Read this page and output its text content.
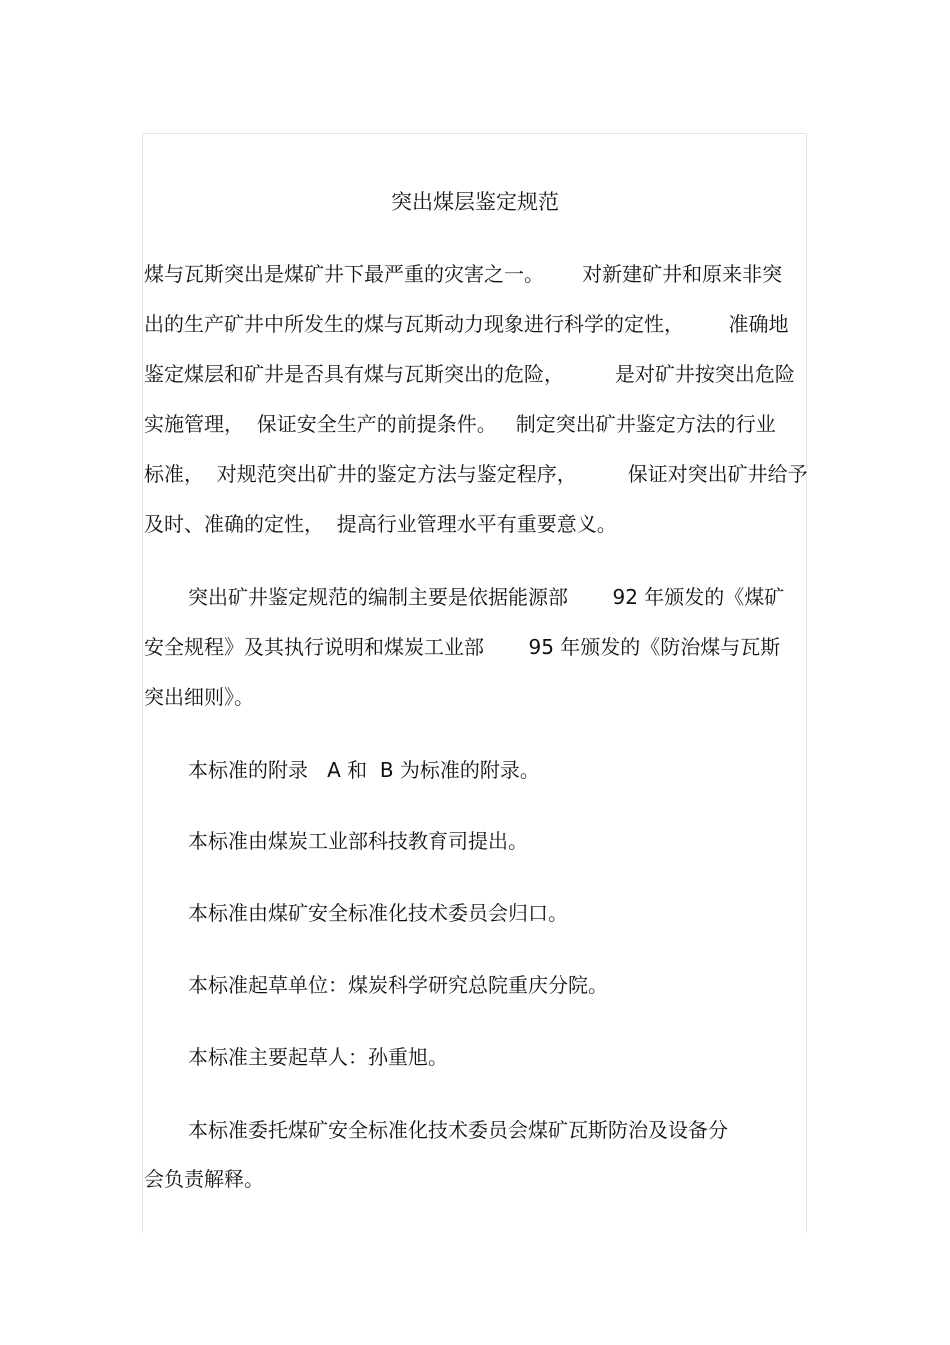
突出煤层鉴定规范
煤与瓦斯突出是煤矿井下最严重的灾害之一。      对新建矿井和原来非突
出的生产矿井中所发生的煤与瓦斯动力现象进行科学的定性，       准确地
鉴定煤层和矿井是否具有煤与瓦斯突出的危险，        是对矿井按突出危险
实施管理，  保证安全生产的前提条件。   制定突出矿井鉴定方法的行业
标准，  对规范突出矿井的鉴定方法与鉴定程序，        保证对突出矿井给予
及时、准确的定性，  提高行业管理水平有重要意义。
突出矿井鉴定规范的编制主要是依据能源部       92 年颁发的《煤矿
安全规程》及其执行说明和煤炭工业部       95 年颁发的《防治煤与瓦斯
突出细则》。
本标准的附录   A 和  B 为标准的附录。
本标准由煤炭工业部科技教育司提出。
本标准由煤矿安全标准化技术委员会归口。
本标准起草单位：煤炭科学研究总院重庆分院。
本标准主要起草人：孙重旭。
本标准委托煤矿安全标准化技术委员会煤矿瓦斯防治及设备分
会负责解释。
